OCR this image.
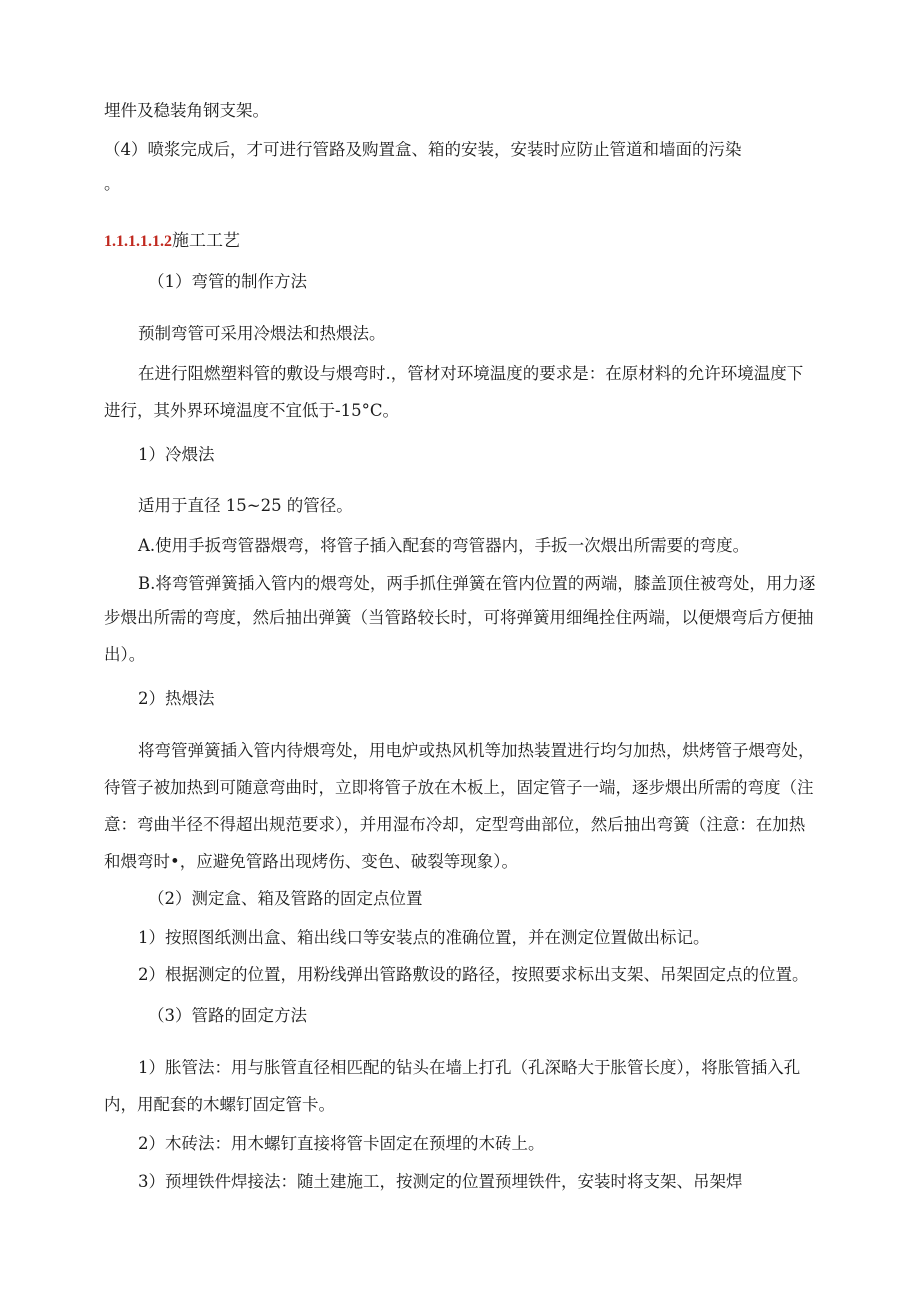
埋件及稳装角钢支架。
（4）喷浆完成后，才可进行管路及购置盒、箱的安装，安装时应防止管道和墙面的污染
。
1.1.1.1.1.2施工工艺
（1）弯管的制作方法
预制弯管可采用冷煨法和热煨法。
在进行阻燃塑料管的敷设与煨弯时.，管材对环境温度的要求是：在原材料的允许环境温度下
进行，其外界环境温度不宜低于-15°C。
1）冷煨法
适用于直径 15~25 的管径。
A.使用手扳弯管器煨弯，将管子插入配套的弯管器内，手扳一次煨出所需要的弯度。
B.将弯管弹簧插入管内的煨弯处，两手抓住弹簧在管内位置的两端，膝盖顶住被弯处，用力逐
步煨出所需的弯度，然后抽出弹簧（当管路较长时，可将弹簧用细绳拴住两端，以便煨弯后方便抽
出）。
2）热煨法
将弯管弹簧插入管内待煨弯处，用电炉或热风机等加热装置进行均匀加热，烘烤管子煨弯处，
待管子被加热到可随意弯曲时，立即将管子放在木板上，固定管子一端，逐步煨出所需的弯度（注
意：弯曲半径不得超出规范要求），并用湿布冷却，定型弯曲部位，然后抽出弯簧（注意：在加热
和煨弯时•，应避免管路出现烤伤、变色、破裂等现象）。
（2）测定盒、箱及管路的固定点位置
1）按照图纸测出盒、箱出线口等安装点的准确位置，并在测定位置做出标记。
2）根据测定的位置，用粉线弹出管路敷设的路径，按照要求标出支架、吊架固定点的位置。
（3）管路的固定方法
1）胀管法：用与胀管直径相匹配的钻头在墙上打孔（孔深略大于胀管长度），将胀管插入孔
内，用配套的木螺钉固定管卡。
2）木砖法：用木螺钉直接将管卡固定在预埋的木砖上。
3）预埋铁件焊接法：随土建施工，按测定的位置预埋铁件，安装时将支架、吊架焊
